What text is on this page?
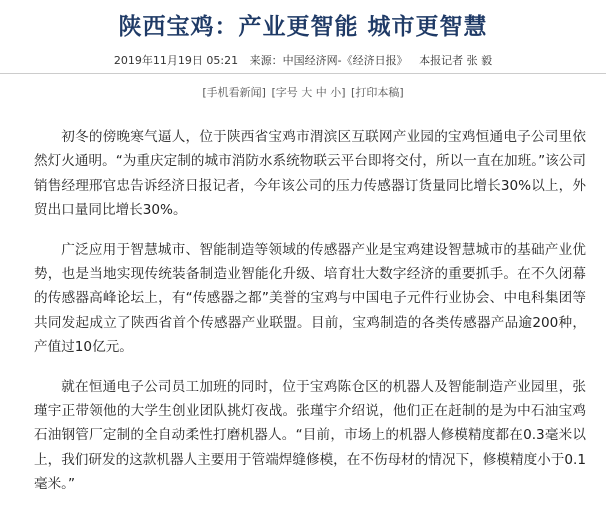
陕西宝鸡：产业更智能 城市更智慧
2019年11月19日 05:21 来源：中国经济网-《经济日报》 本报记者 张 毅
[手机看新闻] [字号 大 中 小] [打印本稿]

初冬的傍晚寒气逼人，位于陕西省宝鸡市渭滨区互联网产业园的宝鸡恒通电子公司里依然灯火通明。“为重庆定制的城市消防水系统物联云平台即将交付，所以一直在加班。”该公司销售经理邢官忠告诉经济日报记者，今年该公司的压力传感器订货量同比增长30%以上，外贸出口量同比增长30%。

广泛应用于智慧城市、智能制造等领域的传感器产业是宝鸡建设智慧城市的基础产业优势，也是当地实现传统装备制造业智能化升级、培育壮大数字经济的重要抓手。在不久闭幕的传感器高峰论坛上，有“传感器之都”美誉的宝鸡与中国电子元件行业协会、中电科集团等共同发起成立了陕西省首个传感器产业联盟。目前，宝鸡制造的各类传感器产品逾200种，产值过10亿元。

就在恒通电子公司员工加班的同时，位于宝鸡陈仓区的机器人及智能制造产业园里，张瑾宇正带领他的大学生创业团队挑灯夜战。张瑾宇介绍说，他们正在赶制的是为中石油宝鸡石油钢管厂定制的全自动柔性打磨机器人。“目前，市场上的机器人修模精度都在0.3毫米以上，我们研发的这款机器人主要用于管端焊缝修模，在不伤母材的情况下，修模精度小于0.1毫米。”
